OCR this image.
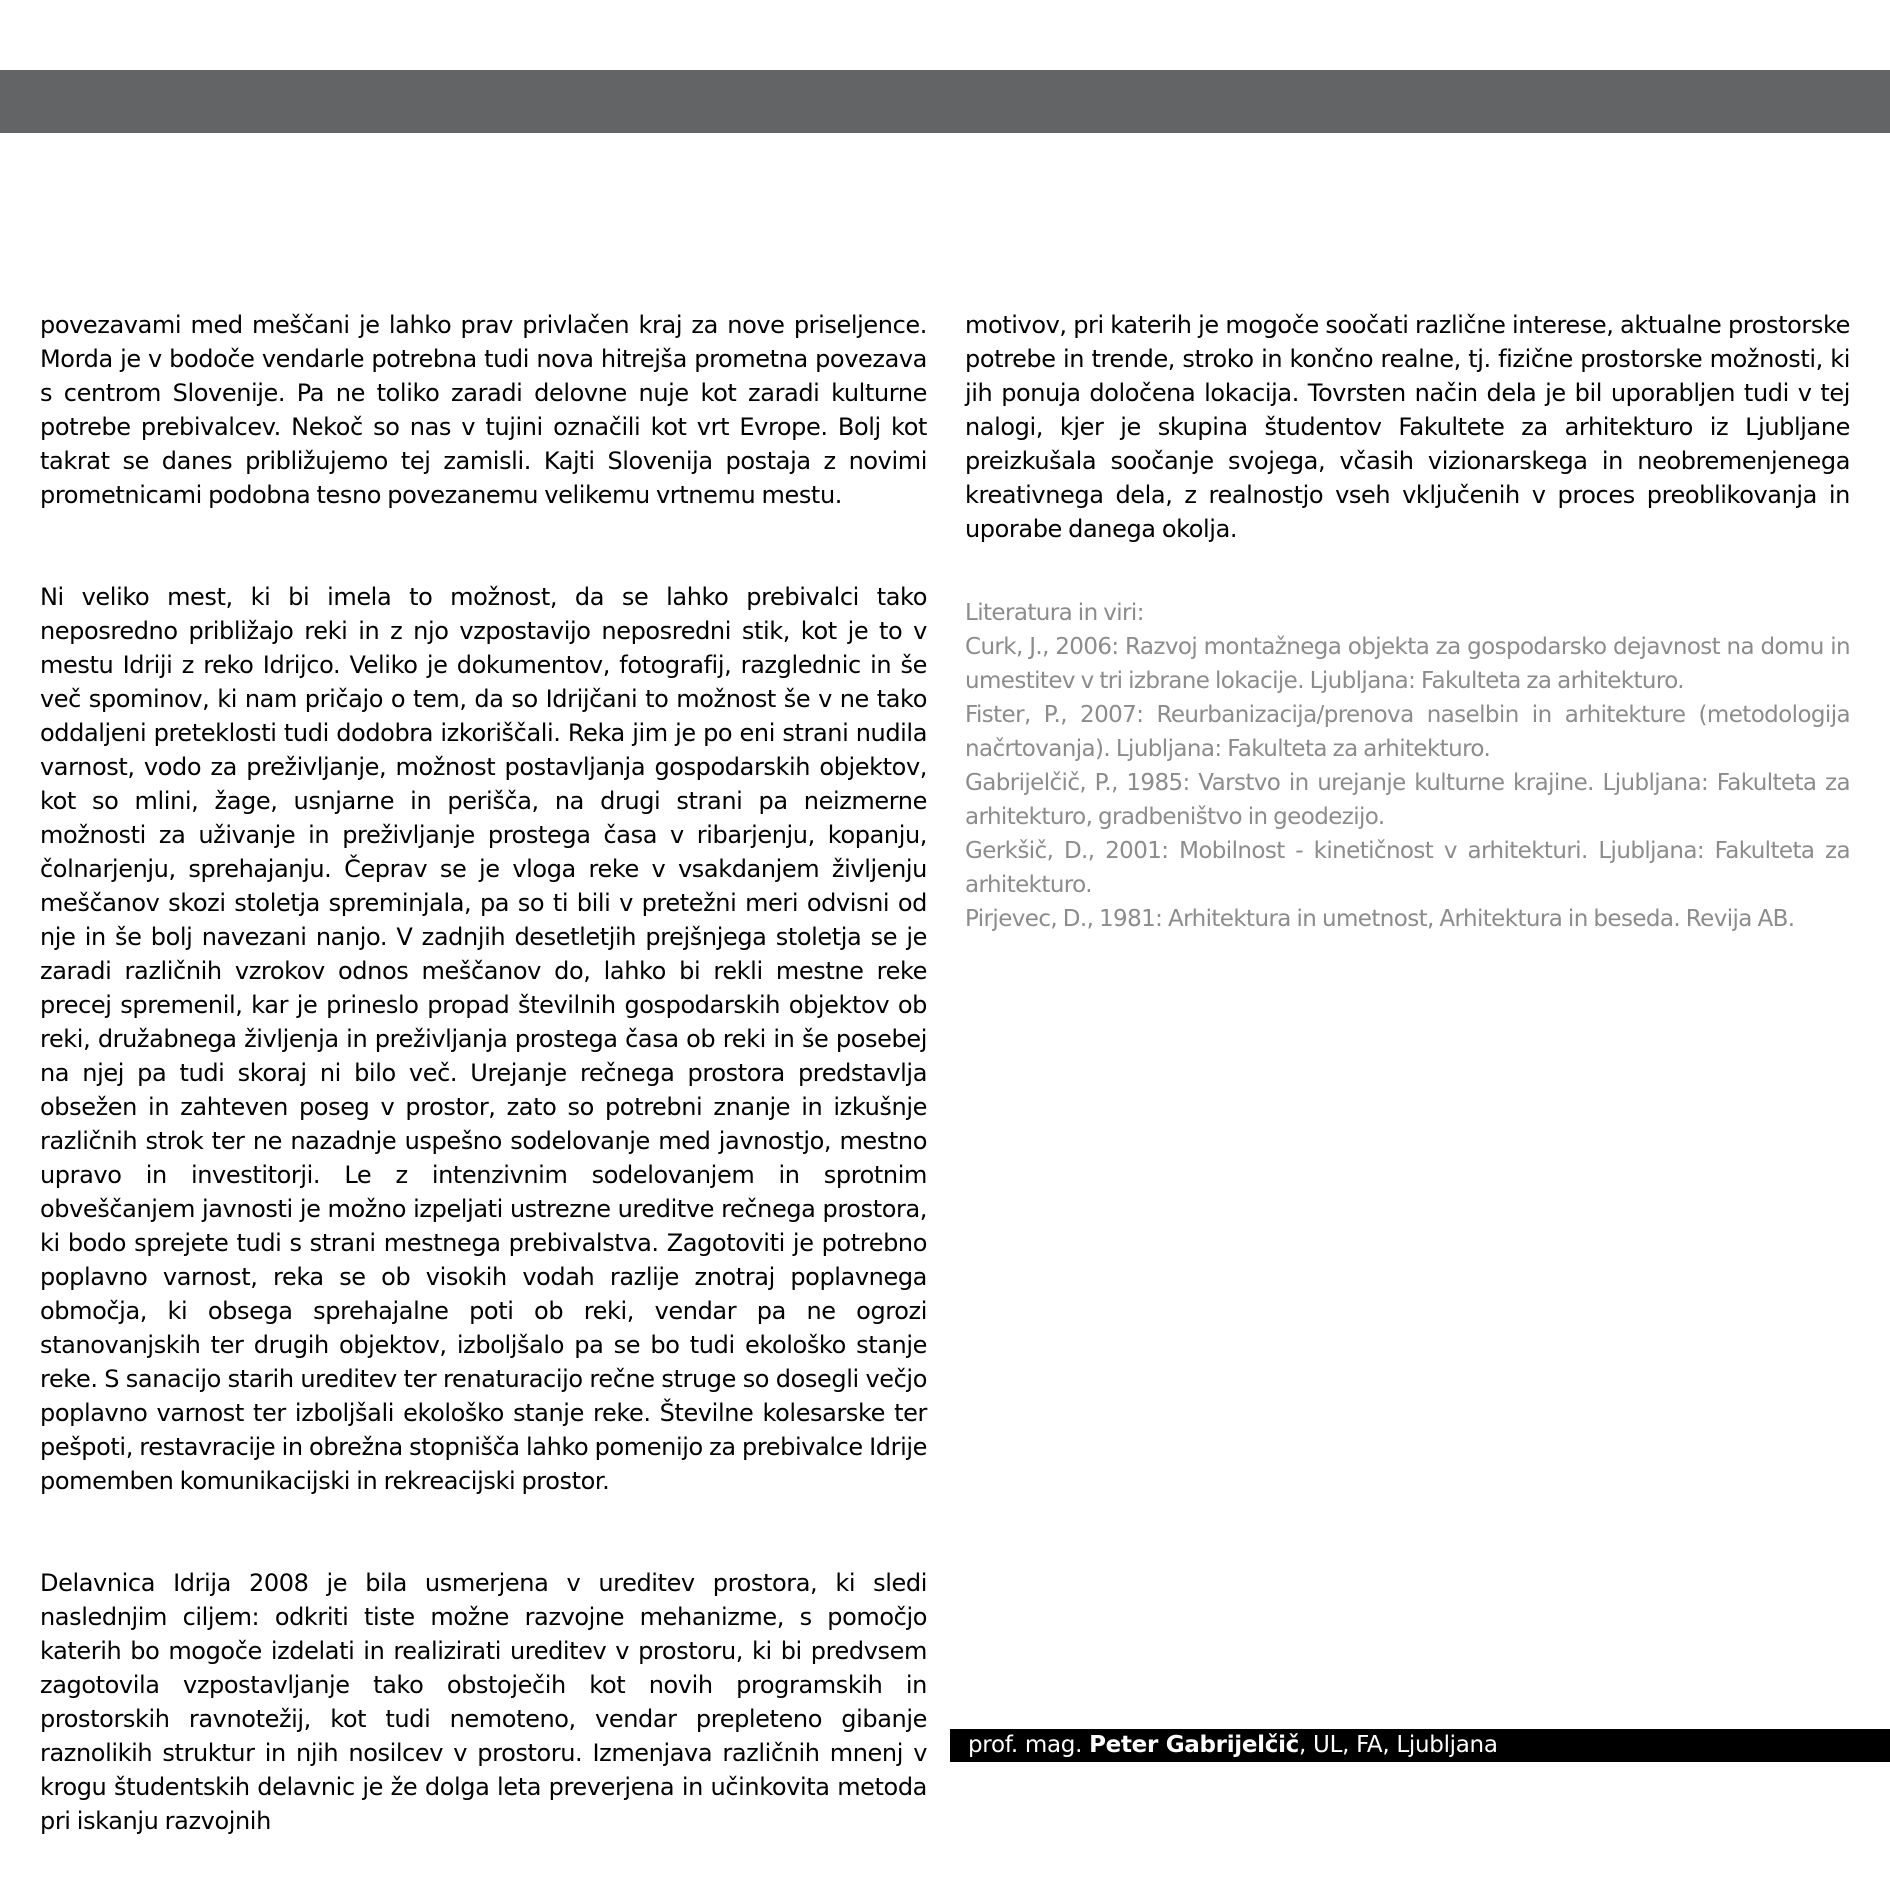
povezavami med meščani je lahko prav privlačen kraj za nove priseljence. Morda je v bodoče vendarle potrebna tudi nova hitrejša prometna povezava s centrom Slovenije. Pa ne toliko zaradi delovne nuje kot zaradi kulturne potrebe prebivalcev. Nekoč so nas v tujini označili kot vrt Evrope. Bolj kot takrat se danes približujemo tej zamisli. Kajti Slovenija postaja z novimi prometnicami podobna tesno povezanemu velikemu vrtnemu mestu.

Ni veliko mest, ki bi imela to možnost, da se lahko prebivalci tako neposredno približajo reki in z njo vzpostavijo neposredni stik, kot je to v mestu Idriji z reko Idrijco. Veliko je dokumentov, fotografij, razglednic in še več spominov, ki nam pričajo o tem, da so Idrijčani to možnost še v ne tako oddaljeni preteklosti tudi dodobra izkoriščali. Reka jim je po eni strani nudila varnost, vodo za preživljanje, možnost postavljanja gospodarskih objektov, kot so mlini, žage, usnjarne in perišča, na drugi strani pa neizmerne možnosti za uživanje in preživljanje prostega časa v ribarjenju, kopanju, čolnarjenju, sprehajanju. Čeprav se je vloga reke v vsakdanjem življenju meščanov skozi stoletja spreminjala, pa so ti bili v pretežni meri odvisni od nje in še bolj navezani nanjo. V zadnjih desetletjih prejšnjega stoletja se je zaradi različnih vzrokov odnos meščanov do, lahko bi rekli mestne reke precej spremenil, kar je prineslo propad številnih gospodarskih objektov ob reki, družabnega življenja in preživljanja prostega časa ob reki in še posebej na njej pa tudi skoraj ni bilo več. Urejanje rečnega prostora predstavlja obsežen in zahteven poseg v prostor, zato so potrebni znanje in izkušnje različnih strok ter ne nazadnje uspešno sodelovanje med javnostjo, mestno upravo in investitorji. Le z intenzivnim sodelovanjem in sprotnim obveščanjem javnosti je možno izpeljati ustrezne ureditve rečnega prostora, ki bodo sprejete tudi s strani mestnega prebivalstva. Zagotoviti je potrebno poplavno varnost, reka se ob visokih vodah razlije znotraj poplavnega območja, ki obsega sprehajalne poti ob reki, vendar pa ne ogrozi stanovanjskih ter drugih objektov, izboljšalo pa se bo tudi ekološko stanje reke. S sanacijo starih ureditev ter renaturacijo rečne struge so dosegli večjo poplavno varnost ter izboljšali ekološko stanje reke. Številne kolesarske ter pešpoti, restavracije in obrežna stopnišča lahko pomenijo za prebivalce Idrije pomemben komunikacijski in rekreacijski prostor.

Delavnica Idrija 2008 je bila usmerjena v ureditev prostora, ki sledi naslednjim ciljem: odkriti tiste možne razvojne mehanizme, s pomočjo katerih bo mogoče izdelati in realizirati ureditev v prostoru, ki bi predvsem zagotovila vzpostavljanje tako obstoječih kot novih programskih in prostorskih ravnotežij, kot tudi nemoteno, vendar prepleteno gibanje raznolikih struktur in njih nosilcev v prostoru. Izmenjava različnih mnenj v krogu študentskih delavnic je že dolga leta preverjena in učinkovita metoda pri iskanju razvojnih

motivov, pri katerih je mogoče soočati različne interese, aktualne prostorske potrebe in trende, stroko in končno realne, tj. fizične prostorske možnosti, ki jih ponuja določena lokacija. Tovrsten način dela je bil uporabljen tudi v tej nalogi, kjer je skupina študentov Fakultete za arhitekturo iz Ljubljane preizkušala soočanje svojega, včasih vizionarskega in neobremenjenega kreativnega dela, z realnostjo vseh vključenih v proces preoblikovanja in uporabe danega okolja.

Literatura in viri:
Curk, J., 2006: Razvoj montažnega objekta za gospodarsko dejavnost na domu in umestitev v tri izbrane lokacije. Ljubljana: Fakulteta za arhitekturo.
Fister, P., 2007: Reurbanizacija/prenova naselbin in arhitekture (metodologija načrtovanja). Ljubljana: Fakulteta za arhitekturo.
Gabrijelčič, P., 1985: Varstvo in urejanje kulturne krajine. Ljubljana: Fakulteta za arhitekturo, gradbeništvo in geodezijo.
Gerkšič, D., 2001: Mobilnost - kinetičnost v arhitekturi. Ljubljana: Fakulteta za arhitekturo.
Pirjevec, D., 1981: Arhitektura in umetnost, Arhitektura in beseda. Revija AB.
prof. mag. Peter Gabrijelčič, UL, FA, Ljubljana
